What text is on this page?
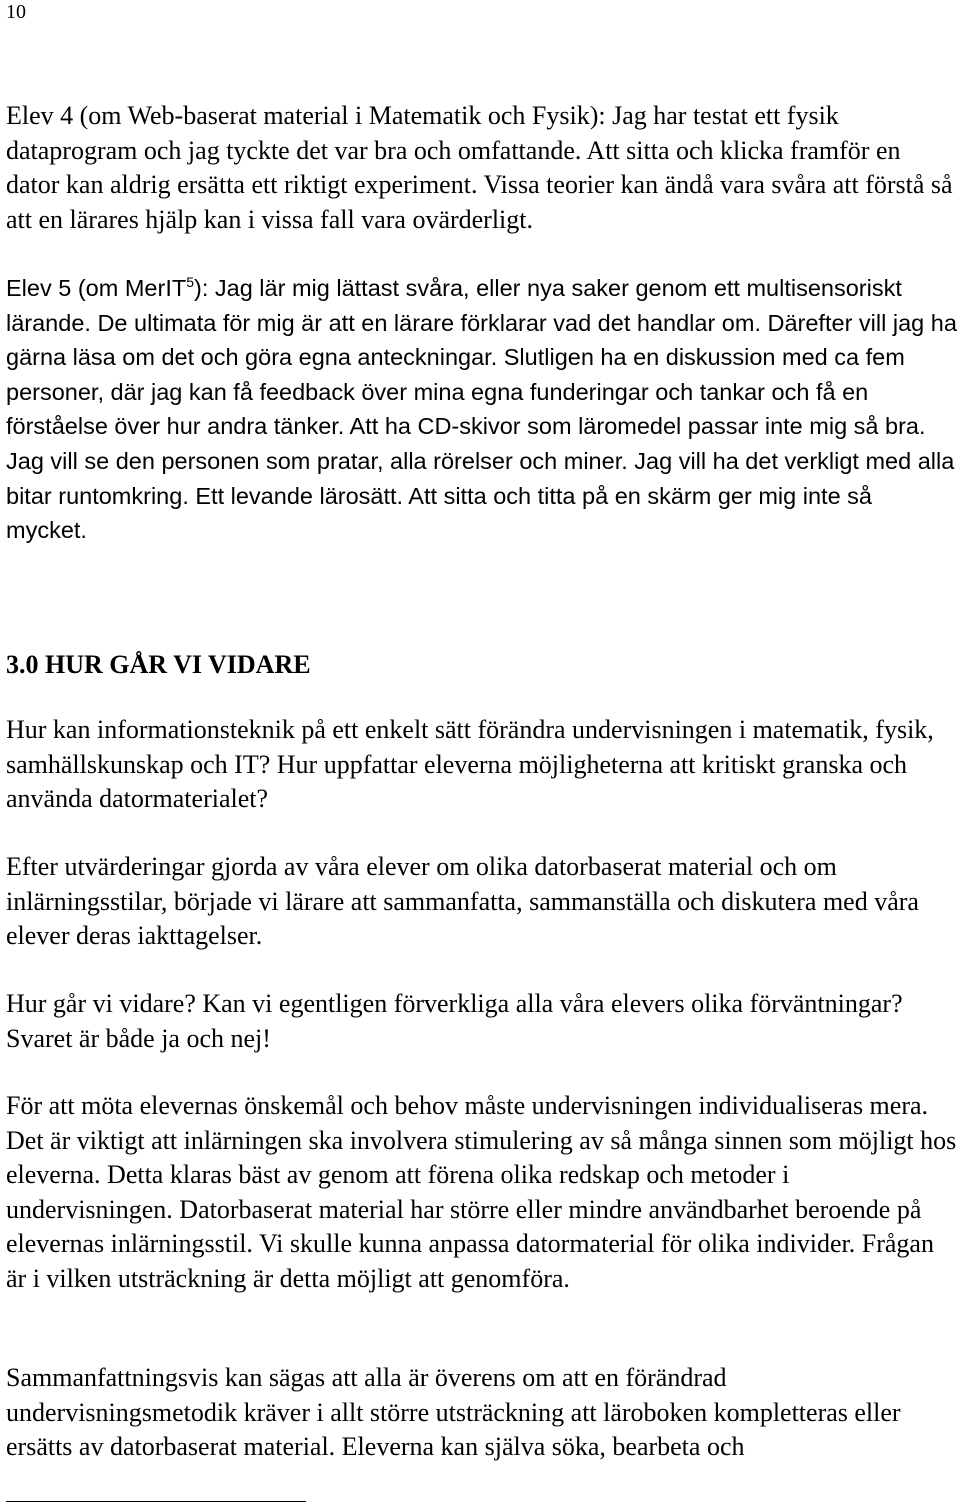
10

Elev 4 (om Web-baserat material i Matematik och Fysik): Jag har testat ett fysik dataprogram och jag tyckte det var bra och omfattande. Att sitta och klicka framför en dator kan aldrig ersätta ett riktigt experiment. Vissa teorier kan ändå vara svåra att förstå så att en lärares hjälp kan i vissa fall vara ovärderligt.

Elev 5 (om MerIT$^5$): Jag lär mig lättast svåra, eller nya saker genom ett multisensoriskt lärande. De ultimata för mig är att en lärare förklarar vad det handlar om. Därefter vill jag ha gärna läsa om det och göra egna anteckningar. Slutligen ha en diskussion med ca fem personer, där jag kan få feedback över mina egna funderingar och tankar och få en förståelse över hur andra tänker. Att ha CD-skivor som läromedel passar inte mig så bra. Jag vill se den personen som pratar, alla rörelser och miner. Jag vill ha det verkligt med alla bitar runtomkring. Ett levande lärosätt. Att sitta och titta på en skärm ger mig inte så mycket.

3.0 HUR GÅR VI VIDARE

Hur kan informationsteknik på ett enkelt sätt förändra undervisningen i matematik, fysik, samhällskunskap och IT? Hur uppfattar eleverna möjligheterna att kritiskt granska och använda datormaterialet?

Efter utvärderingar gjorda av våra elever om olika datorbaserat material och om inlärningsstilar, började vi lärare att sammanfatta, sammanställa och diskutera med våra elever deras iakttagelser.

Hur går vi vidare? Kan vi egentligen förverkliga alla våra elevers olika förväntningar? Svaret är både ja och nej!

För att möta elevernas önskemål och behov måste undervisningen individualiseras mera. Det är viktigt att inlärningen ska involvera stimulering av så många sinnen som möjligt hos eleverna. Detta klaras bäst av genom att förena olika redskap och metoder i undervisningen. Datorbaserat material har större eller mindre användbarhet beroende på elevernas inlärningsstil. Vi skulle kunna anpassa datormaterial för olika individer. Frågan är i vilken utsträckning är detta möjligt att genomföra.

Sammanfattningsvis kan sägas att alla är överens om att en förändrad undervisningsmetodik kräver i allt större utsträckning att läroboken kompletteras eller ersätts av datorbaserat material. Eleverna kan själva söka, bearbeta och
